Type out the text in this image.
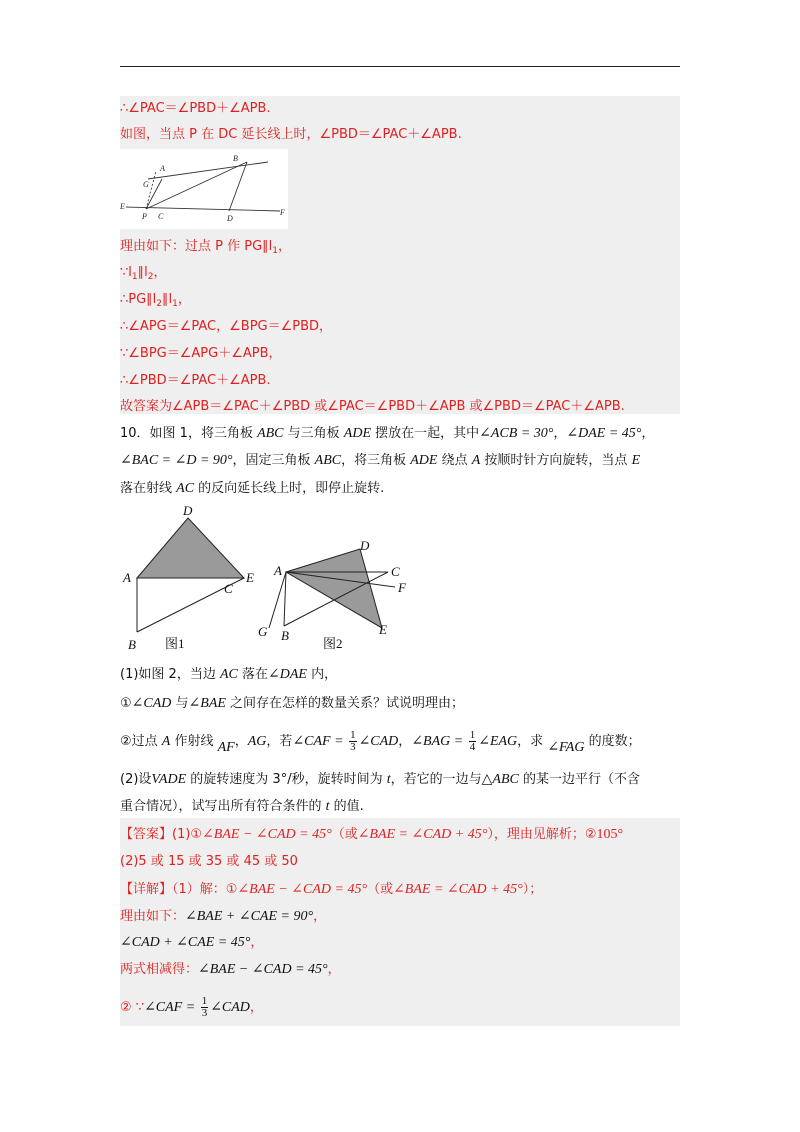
∴∠PAC＝∠PBD＋∠APB.
如图，当点 P 在 DC 延长线上时，∠PBD＝∠PAC＋∠APB.
B
A
G
E
P C	D
F
理由如下：过点 P 作 $PG\parallel l_1$，
$\because l_1\parallel l_2$，
$\therefore PG\parallel l_2\parallel l_1$，
∴∠APG＝∠PAC，∠BPG＝∠PBD，
∵∠BPG＝∠APG＋∠APB，
∴∠PBD＝∠PAC＋∠APB.
故答案为∠APB＝∠PAC＋∠PBD 或∠PAC＝∠PBD＋∠APB 或∠PBD＝∠PAC＋∠APB.
10．如图 1，将三角板 ABC 与三角板 ADE 摆放在一起，其中∠ACB = 30°，∠DAE = 45°，
∠BAC = ∠D = 90°，固定三角板 ABC，将三角板 ADE 绕点 A 按顺时针方向旋转，当点 E
落在射线 AC 的反向延长线上时，即停止旋转.
D
A	E
C
B 图1
D
A	C
F
G B	E
图2
(1)如图 2，当边 AC 落在∠DAE 内，
①∠CAD 与∠BAE 之间存在怎样的数量关系？试说明理由；
②过点 A 作射线 AF，AG，若∠CAF = $\frac{1}{3}$ ∠CAD，∠BAG = $\frac{1}{4}$ ∠EAG，求 ∠FAG 的度数；
(2)设VADE 的旋转速度为 3°/秒，旋转时间为 t，若它的一边与△ABC 的某一边平行（不含
重合情况），试写出所有符合条件的 t 的值.
【答案】(1)①∠BAE − ∠CAD = 45°（或∠BAE = ∠CAD + 45°），理由见解析；②105°
(2)5 或 15 或 35 或 45 或 50
【详解】（1）解：①∠BAE − ∠CAD = 45°（或∠BAE = ∠CAD + 45°）；
理由如下：∠BAE + ∠CAE = 90°，
∠CAD + ∠CAE = 45°，
两式相减得：∠BAE − ∠CAD = 45°，
② ∵∠CAF = $\frac{1}{3}$ ∠CAD，
